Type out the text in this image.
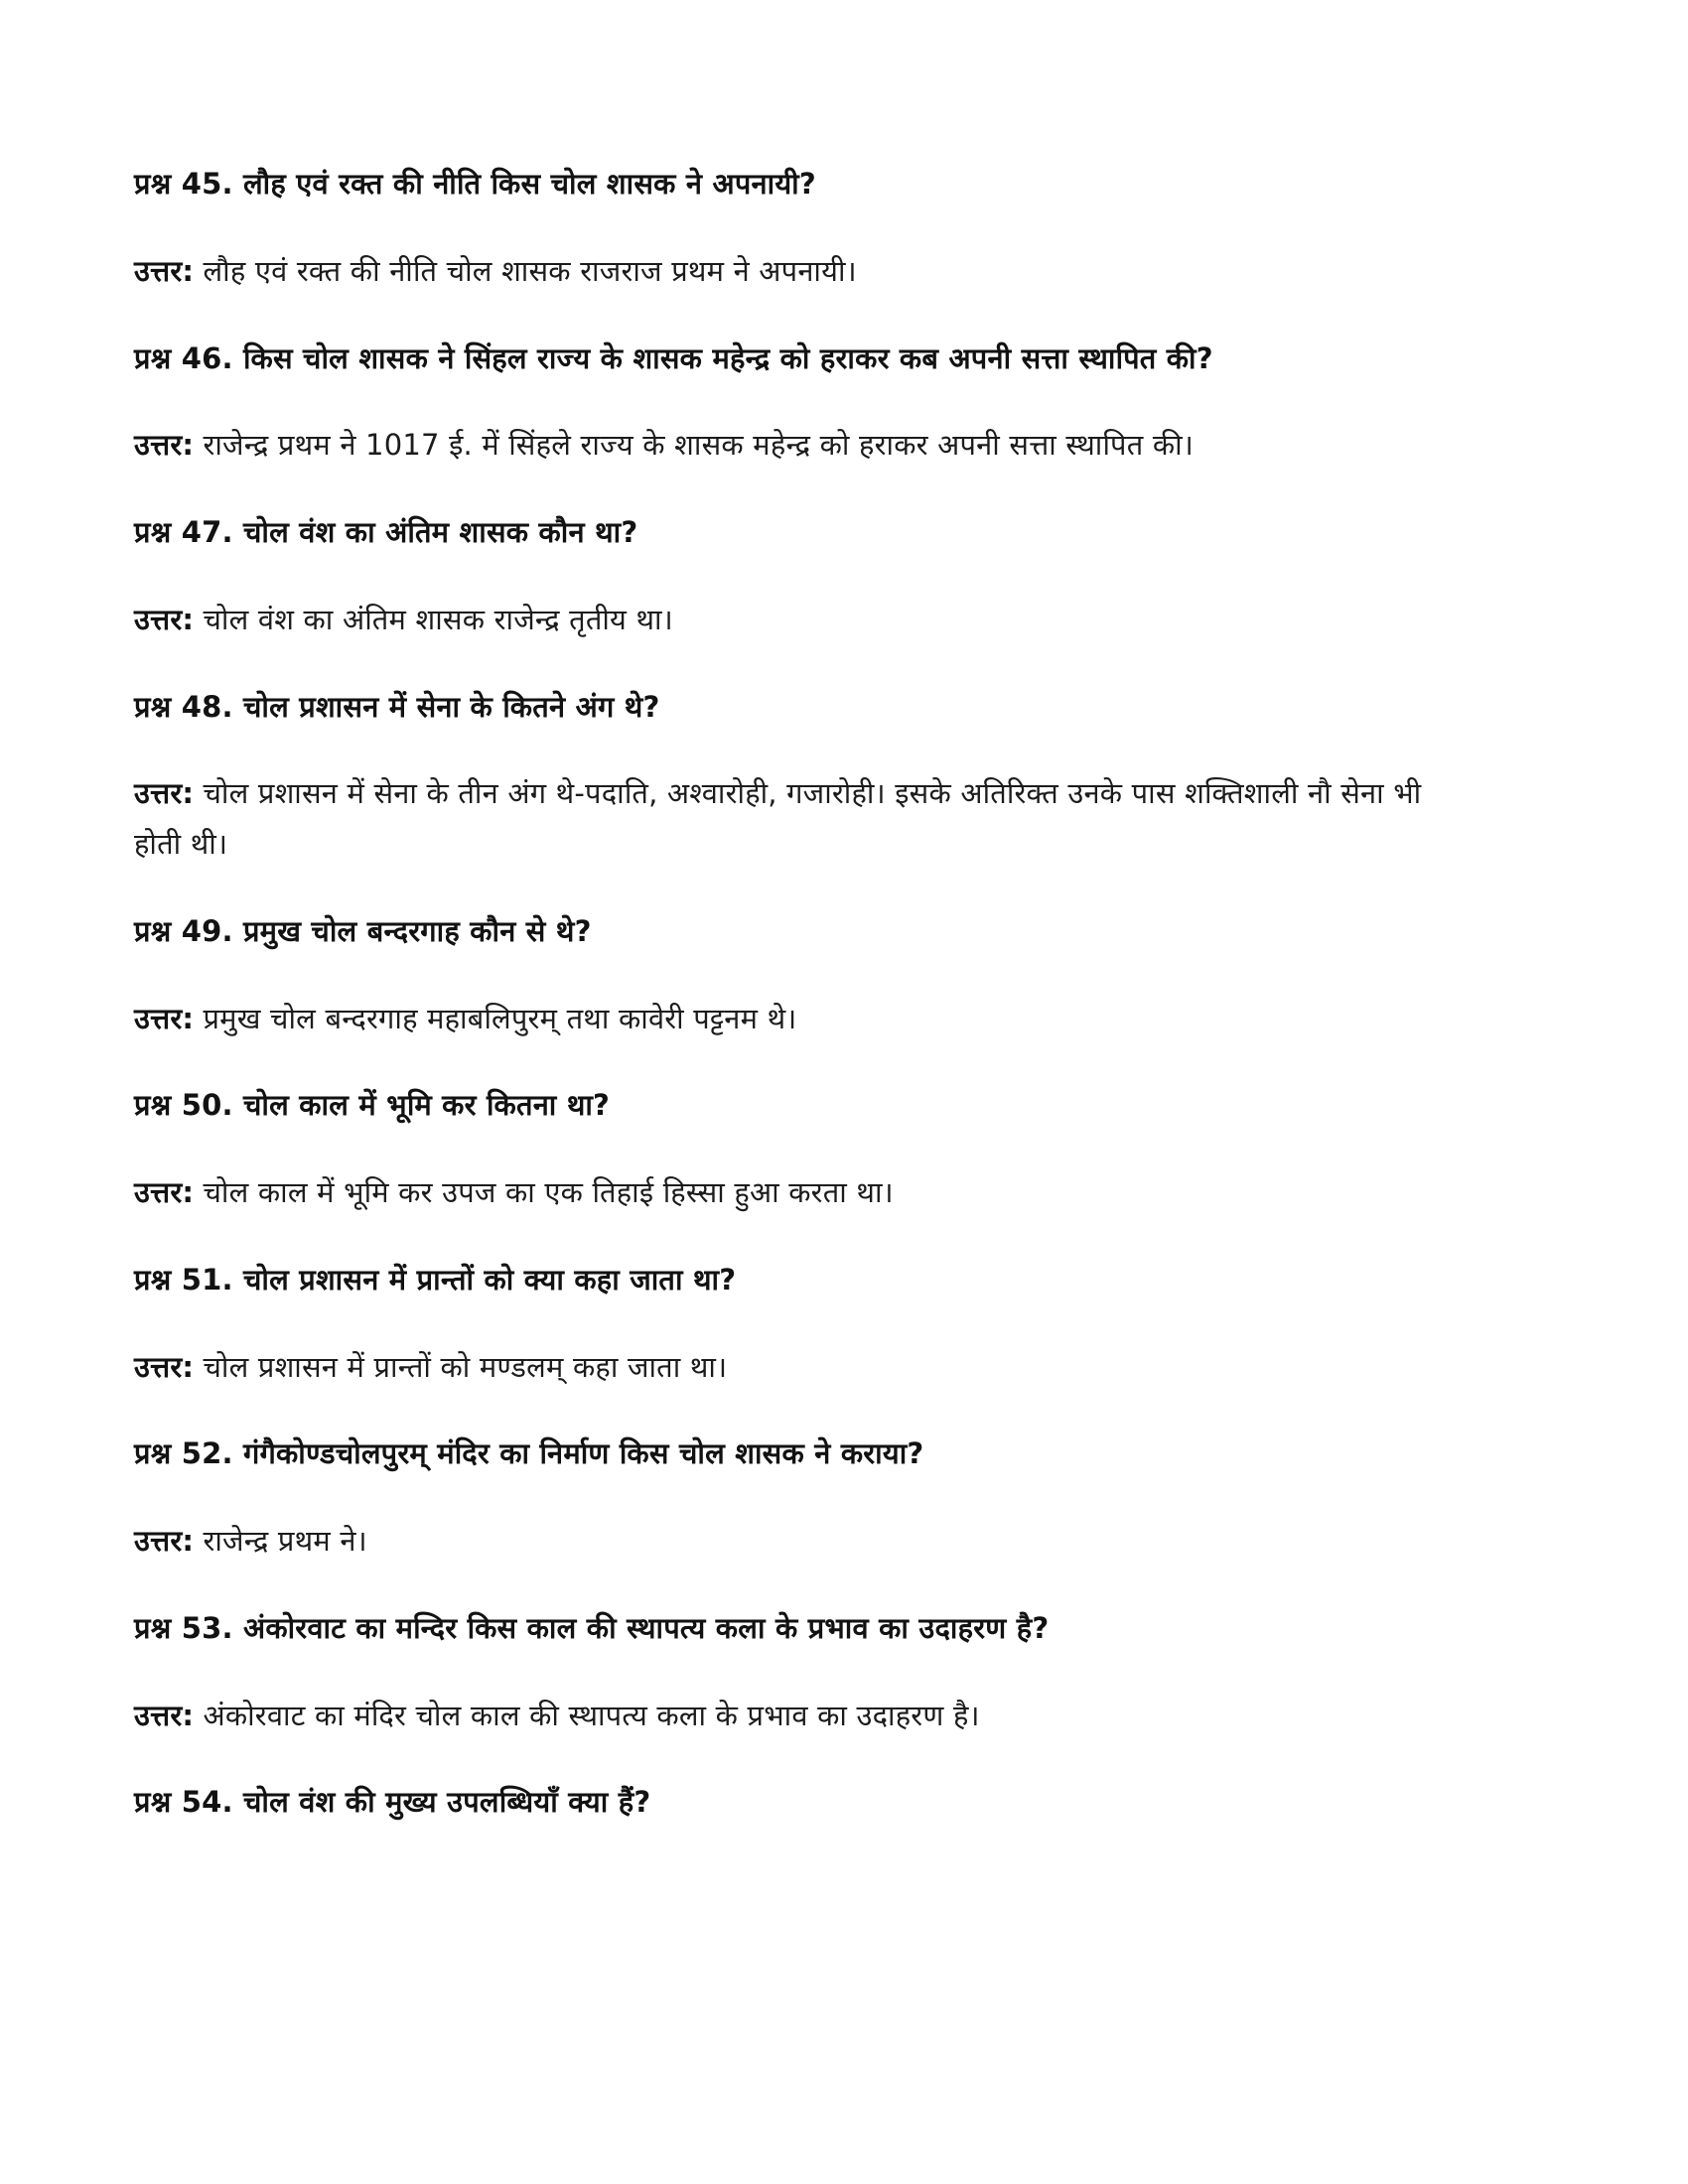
प्रश्न 45. लौह एवं रक्त की नीति किस चोल शासक ने अपनायी?

उत्तर: लौह एवं रक्त की नीति चोल शासक राजराज प्रथम ने अपनायी।

प्रश्न 46. किस चोल शासक ने सिंहल राज्य के शासक महेन्द्र को हराकर कब अपनी सत्ता स्थापित की?

उत्तर: राजेन्द्र प्रथम ने 1017 ई. में सिंहले राज्य के शासक महेन्द्र को हराकर अपनी सत्ता स्थापित की।

प्रश्न 47. चोल वंश का अंतिम शासक कौन था?

उत्तर: चोल वंश का अंतिम शासक राजेन्द्र तृतीय था।

प्रश्न 48. चोल प्रशासन में सेना के कितने अंग थे?

उत्तर: चोल प्रशासन में सेना के तीन अंग थे-पदाति, अश्वारोही, गजारोही। इसके अतिरिक्त उनके पास शक्तिशाली नौ सेना भी होती थी।

प्रश्न 49. प्रमुख चोल बन्दरगाह कौन से थे?

उत्तर: प्रमुख चोल बन्दरगाह महाबलिपुरम् तथा कावेरी पट्टनम थे।

प्रश्न 50. चोल काल में भूमि कर कितना था?

उत्तर: चोल काल में भूमि कर उपज का एक तिहाई हिस्सा हुआ करता था।

प्रश्न 51. चोल प्रशासन में प्रान्तों को क्या कहा जाता था?

उत्तर: चोल प्रशासन में प्रान्तों को मण्डलम् कहा जाता था।

प्रश्न 52. गंगैकोण्डचोलपुरम् मंदिर का निर्माण किस चोल शासक ने कराया?

उत्तर: राजेन्द्र प्रथम ने।

प्रश्न 53. अंकोरवाट का मन्दिर किस काल की स्थापत्य कला के प्रभाव का उदाहरण है?

उत्तर: अंकोरवाट का मंदिर चोल काल की स्थापत्य कला के प्रभाव का उदाहरण है।

प्रश्न 54. चोल वंश की मुख्य उपलब्धियाँ क्या हैं?
